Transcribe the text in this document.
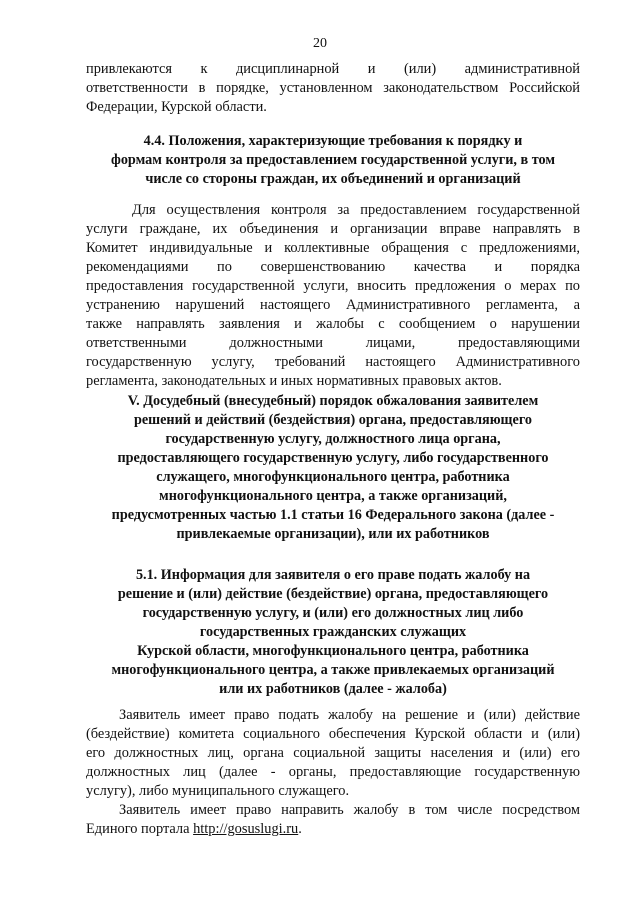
20
привлекаются к дисциплинарной и (или) административной
ответственности в порядке, установленном законодательством Российской
Федерации, Курской области.
4.4. Положения, характеризующие требования к порядку и
формам контроля за предоставлением государственной услуги, в том
числе со стороны граждан, их объединений и организаций
Для осуществления контроля за предоставлением государственной
услуги граждане, их объединения и организации вправе направлять в
Комитет индивидуальные и коллективные обращения с предложениями,
рекомендациями по совершенствованию качества и порядка
предоставления государственной услуги, вносить предложения о мерах по
устранению нарушений настоящего Административного регламента, а
также направлять заявления и жалобы с сообщением о нарушении
ответственными должностными лицами, предоставляющими
государственную услугу, требований настоящего Административного
регламента, законодательных и иных нормативных правовых актов.
V. Досудебный (внесудебный) порядок обжалования заявителем
решений и действий (бездействия) органа, предоставляющего
государственную услугу, должностного лица органа,
предоставляющего государственную услугу, либо государственного
служащего, многофункционального центра, работника
многофункционального центра, а также организаций,
предусмотренных частью 1.1 статьи 16 Федерального закона (далее -
привлекаемые организации), или их работников
5.1. Информация для заявителя о его праве подать жалобу на
решение и (или) действие (бездействие) органа, предоставляющего
государственную услугу, и (или) его должностных лиц либо
государственных гражданских служащих
Курской области, многофункционального центра, работника
многофункционального центра, а также привлекаемых организаций
или их работников (далее - жалоба)
Заявитель имеет право подать жалобу на решение и (или) действие
(бездействие) комитета социального обеспечения Курской области и (или)
его должностных лиц, органа социальной защиты населения и (или) его
должностных лиц (далее - органы, предоставляющие государственную
услугу), либо муниципального служащего.
Заявитель имеет право направить жалобу в том числе посредством
Единого портала http://gosuslugi.ru.
